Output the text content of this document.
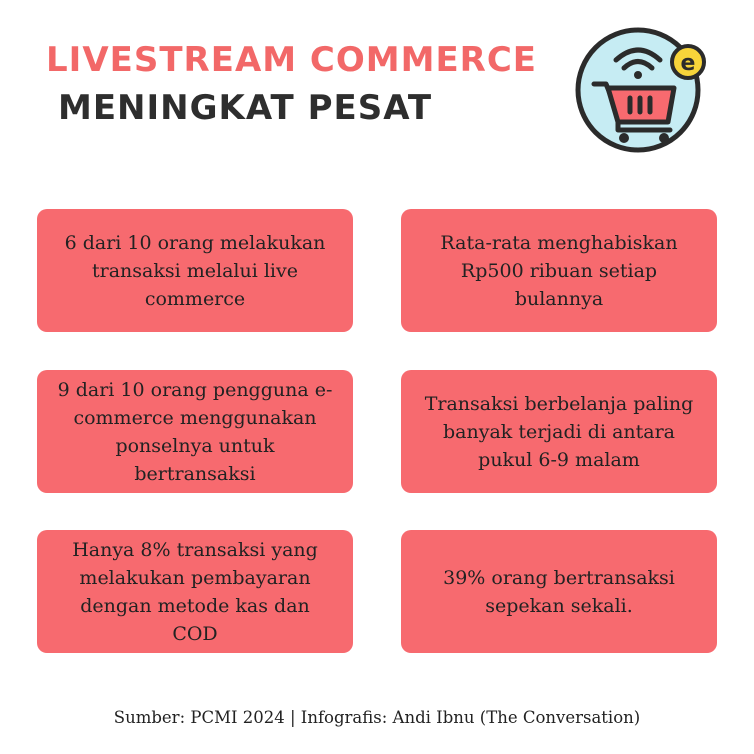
LIVESTREAM COMMERCE
MENINGKAT PESAT
e
6 dari 10 orang melakukan transaksi melalui live commerce
Rata-rata menghabiskan Rp500 ribuan setiap bulannya
9 dari 10 orang pengguna e-commerce menggunakan ponselnya untuk bertransaksi
Transaksi berbelanja paling banyak terjadi di antara pukul 6-9 malam
Hanya 8% transaksi yang melakukan pembayaran dengan metode kas dan COD
39% orang bertransaksi sepekan sekali.
Sumber: PCMI 2024 | Infografis: Andi Ibnu (The Conversation)
